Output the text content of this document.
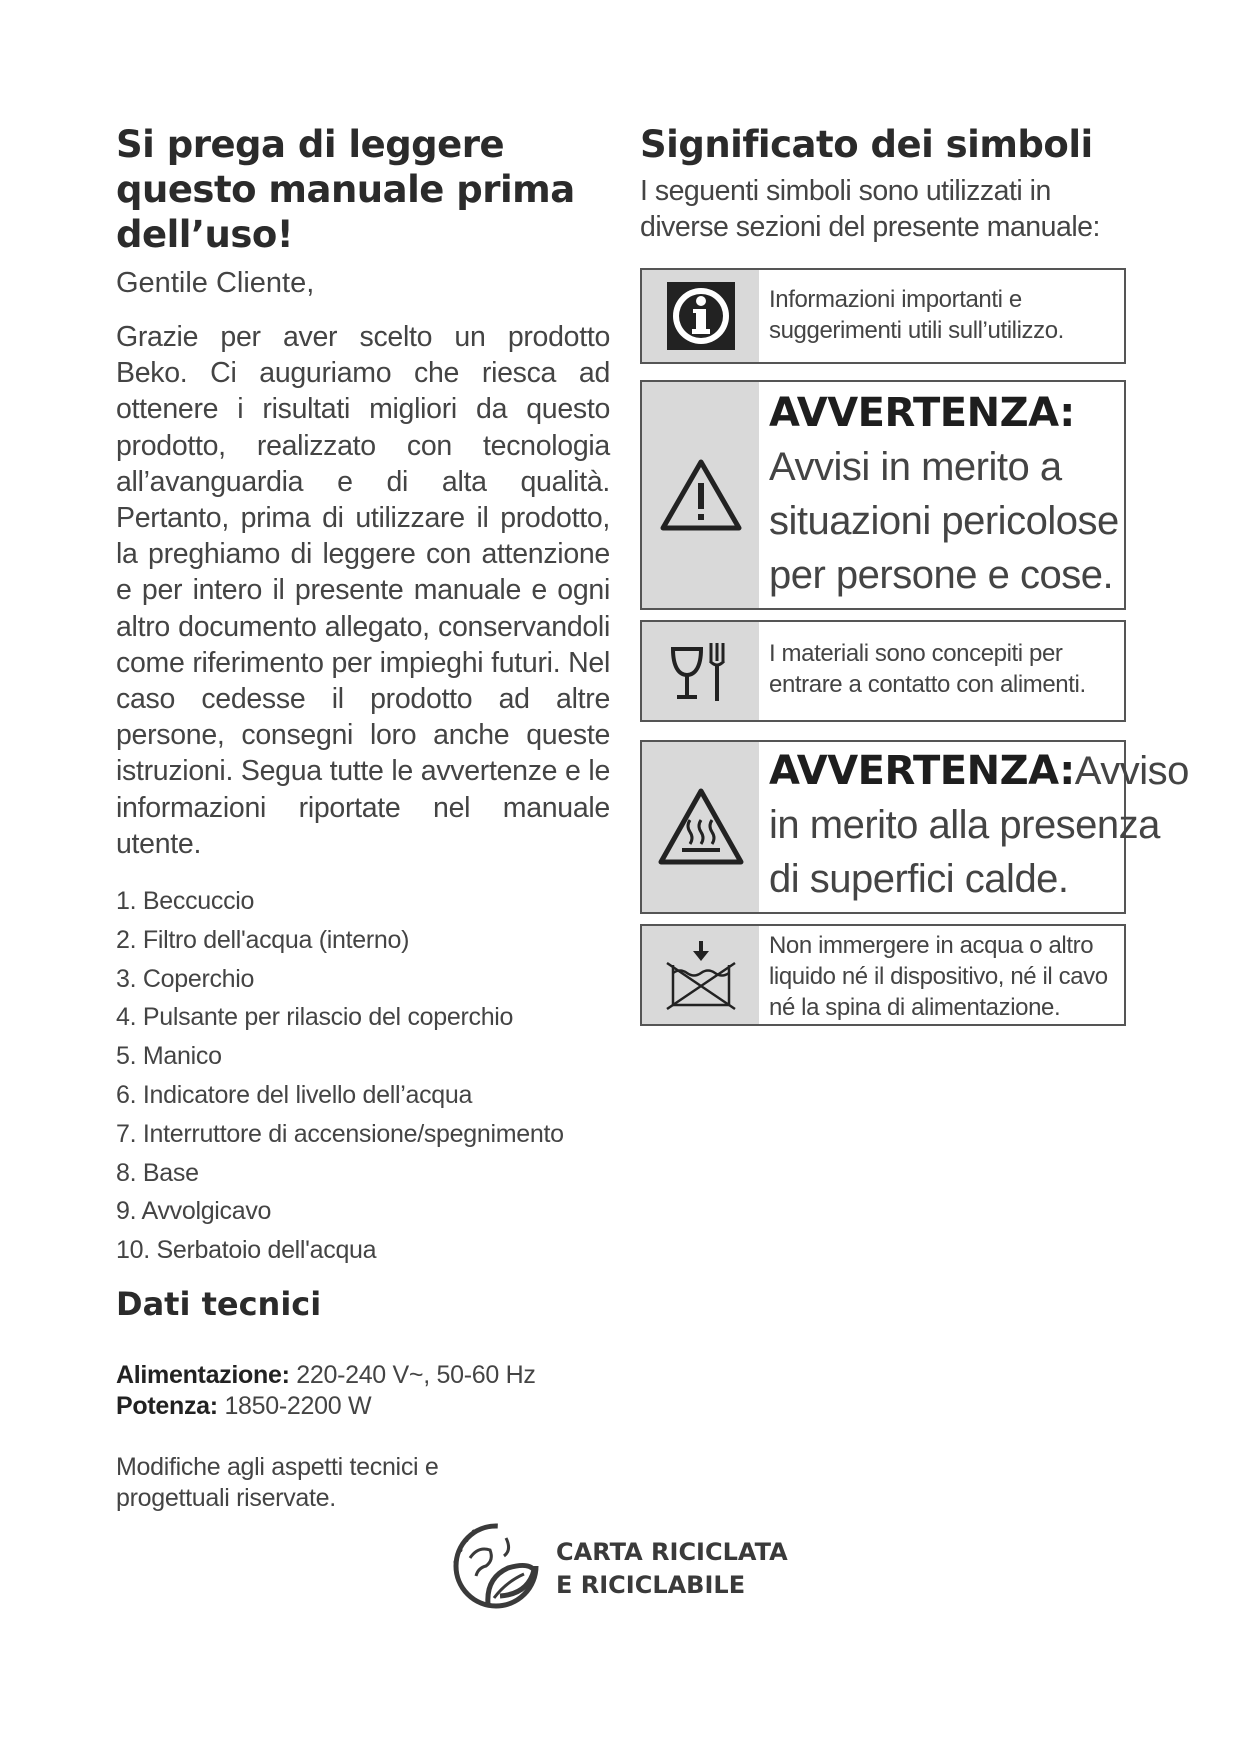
Si prega di leggere questo manuale prima dell’uso!

Gentile Cliente,

Grazie per aver scelto un prodotto Beko. Ci auguriamo che riesca ad ottenere i risultati migliori da questo prodotto, realizzato con tecnologia all’avanguardia e di alta qualità. Pertanto, prima di utilizzare il prodotto, la preghiamo di leggere con attenzione e per intero il presente manuale e ogni altro documento allegato, conservandoli come riferimento per impieghi futuri. Nel caso cedesse il prodotto ad altre persone, consegni loro anche queste istruzioni. Segua tutte le avvertenze e le informazioni riportate nel manuale utente.

1. Beccuccio
2. Filtro dell'acqua (interno)
3. Coperchio
4. Pulsante per rilascio del coperchio
5. Manico
6. Indicatore del livello dell’acqua
7. Interruttore di accensione/spegnimento
8. Base
9. Avvolgicavo
10. Serbatoio dell'acqua
Dati tecnici
Alimentazione: 220-240 V~, 50-60 Hz
Potenza: 1850-2200 W
Modifiche agli aspetti tecnici e progettuali riservate.
Significato dei simboli

I seguenti simboli sono utilizzati in diverse sezioni del presente manuale:

Informazioni importanti e suggerimenti utili sull’utilizzo.
AVVERTENZA: Avvisi in merito a situazioni pericolose per persone e cose.
I materiali sono concepiti per entrare a contatto con alimenti.
AVVERTENZA:Avviso in merito alla presenza di superfici calde.
Non immergere in acqua o altro liquido né il dispositivo, né il cavo né la spina di alimentazione.
CARTA RICICLATA
E RICICLABILE
